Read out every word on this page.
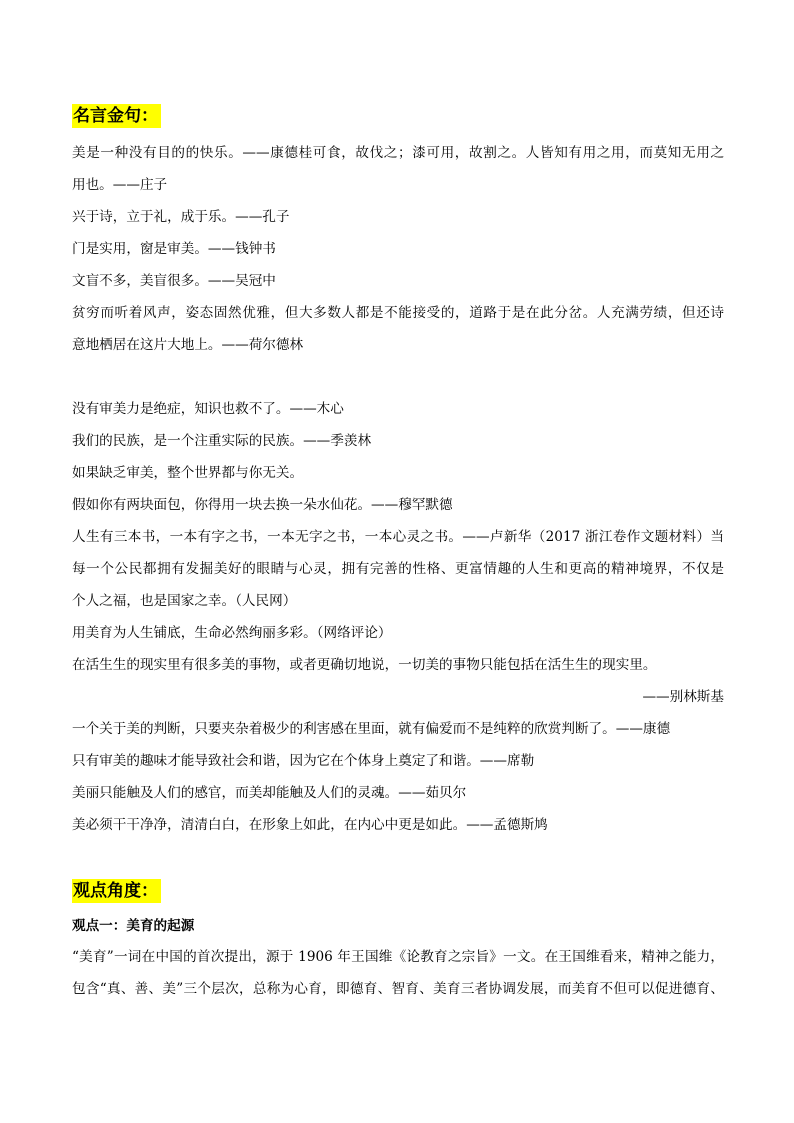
名言金句：
美是一种没有目的的快乐。——康德桂可食，故伐之；漆可用，故割之。人皆知有用之用，而莫知无用之
用也。——庄子
兴于诗，立于礼，成于乐。——孔子
门是实用，窗是审美。——钱钟书
文盲不多，美盲很多。——吴冠中
贫穷而听着风声，姿态固然优雅，但大多数人都是不能接受的，道路于是在此分岔。人充满劳绩，但还诗
意地栖居在这片大地上。——荷尔德林
没有审美力是绝症，知识也救不了。——木心
我们的民族，是一个注重实际的民族。——季羡林
如果缺乏审美，整个世界都与你无关。
假如你有两块面包，你得用一块去换一朵水仙花。——穆罕默德
人生有三本书，一本有字之书，一本无字之书，一本心灵之书。——卢新华（2017 浙江卷作文题材料）当
每一个公民都拥有发掘美好的眼睛与心灵，拥有完善的性格、更富情趣的人生和更高的精神境界，不仅是
个人之福，也是国家之幸。（人民网）
用美育为人生铺底，生命必然绚丽多彩。（网络评论）
在活生生的现实里有很多美的事物，或者更确切地说，一切美的事物只能包括在活生生的现实里。
——别林斯基
一个关于美的判断，只要夹杂着极少的利害感在里面，就有偏爱而不是纯粹的欣赏判断了。——康德
只有审美的趣味才能导致社会和谐，因为它在个体身上奠定了和谐。——席勒
美丽只能触及人们的感官，而美却能触及人们的灵魂。——茹贝尔
美必须干干净净，清清白白，在形象上如此，在内心中更是如此。——孟德斯鸠
观点角度：
观点一：美育的起源
“美育”一词在中国的首次提出，源于 1906 年王国维《论教育之宗旨》一文。在王国维看来，精神之能力，
包含“真、善、美”三个层次，总称为心育，即德育、智育、美育三者协调发展，而美育不但可以促进德育、
